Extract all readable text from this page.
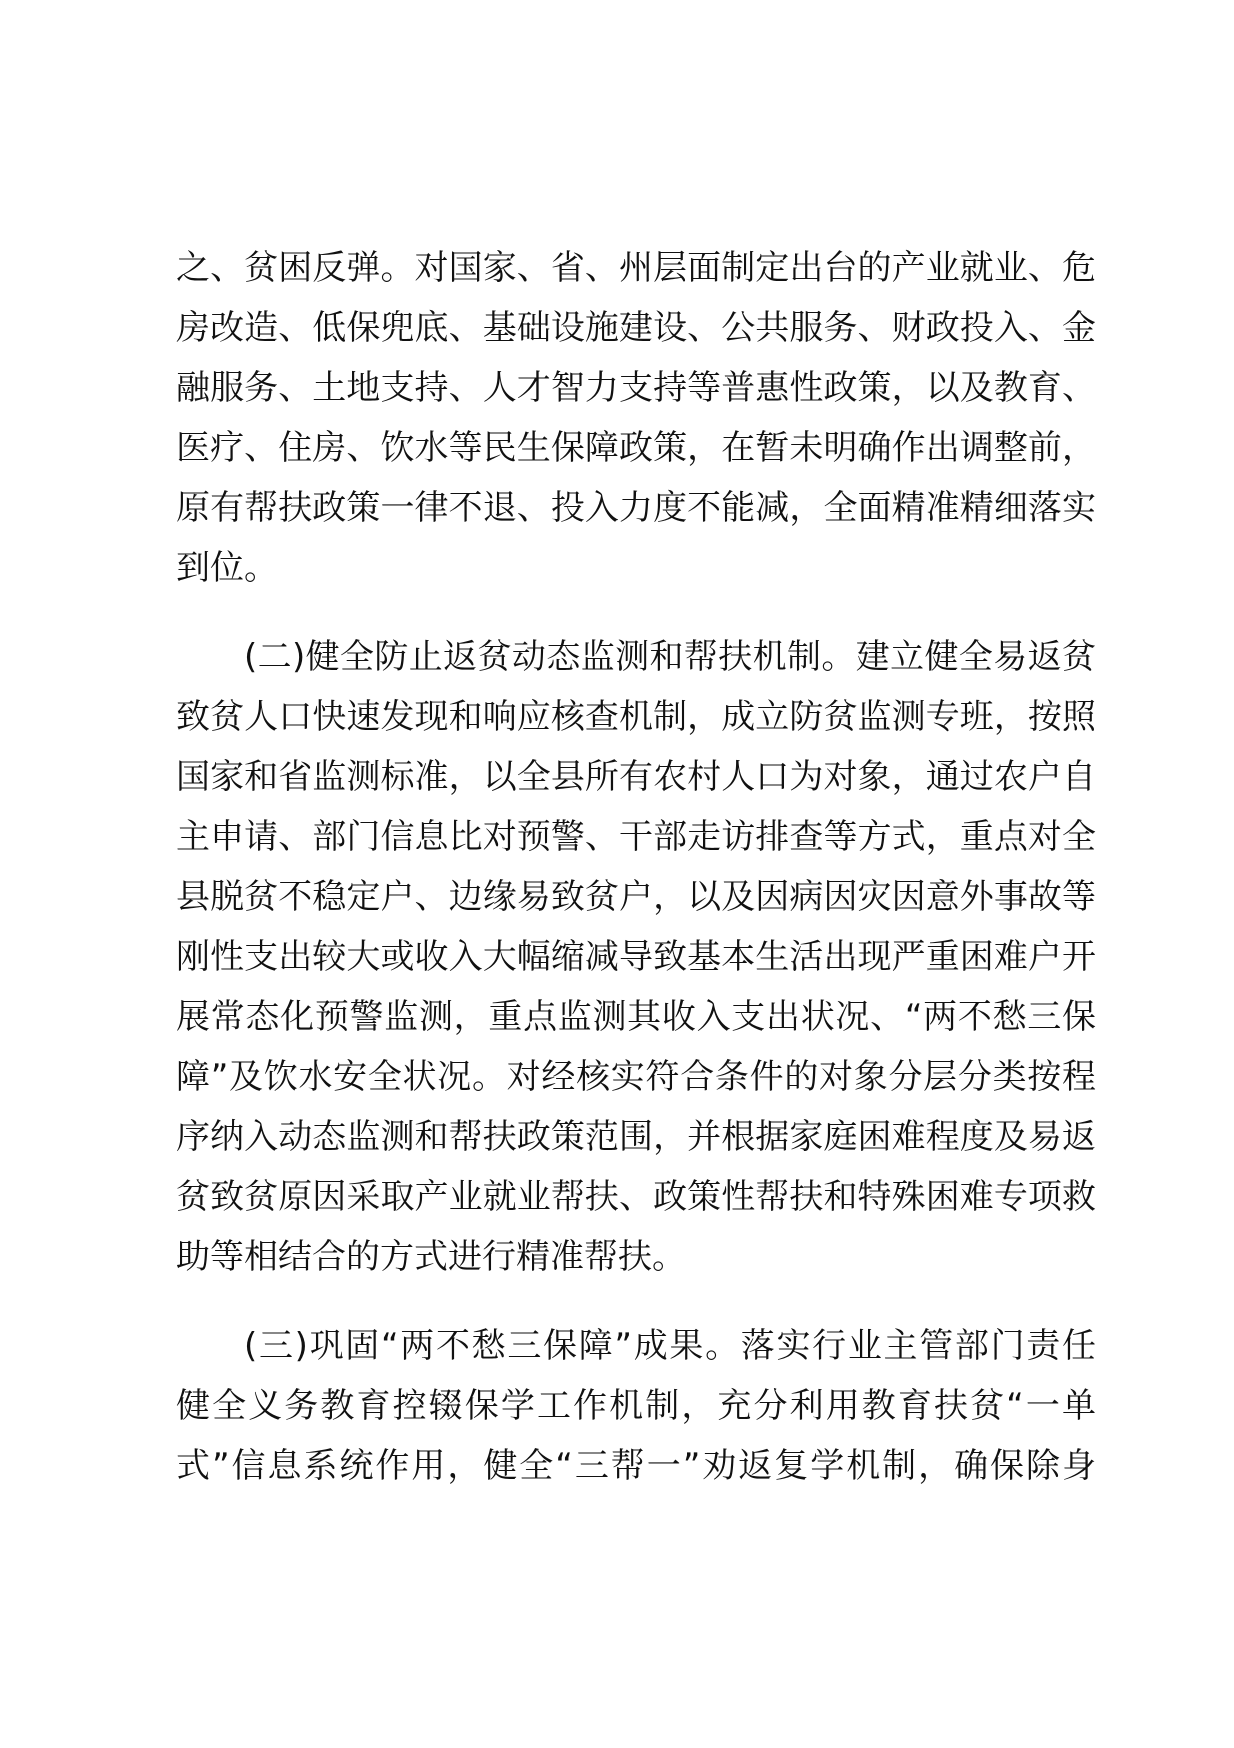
之、贫困反弹。对国家、省、州层面制定出台的产业就业、危
房改造、低保兜底、基础设施建设、公共服务、财政投入、金
融服务、土地支持、人才智力支持等普惠性政策，以及教育、
医疗、住房、饮水等民生保障政策，在暂未明确作出调整前，
原有帮扶政策一律不退、投入力度不能减，全面精准精细落实
到位。
(二)健全防止返贫动态监测和帮扶机制。建立健全易返贫
致贫人口快速发现和响应核查机制，成立防贫监测专班，按照
国家和省监测标准，以全县所有农村人口为对象，通过农户自
主申请、部门信息比对预警、干部走访排查等方式，重点对全
县脱贫不稳定户、边缘易致贫户，以及因病因灾因意外事故等
刚性支出较大或收入大幅缩减导致基本生活出现严重困难户开
展常态化预警监测，重点监测其收入支出状况、“两不愁三保
障”及饮水安全状况。对经核实符合条件的对象分层分类按程
序纳入动态监测和帮扶政策范围，并根据家庭困难程度及易返
贫致贫原因采取产业就业帮扶、政策性帮扶和特殊困难专项救
助等相结合的方式进行精准帮扶。
(三)巩固“两不愁三保障”成果。落实行业主管部门责任
健全义务教育控辍保学工作机制，充分利用教育扶贫“一单
式”信息系统作用，健全“三帮一”劝返复学机制，确保除身
